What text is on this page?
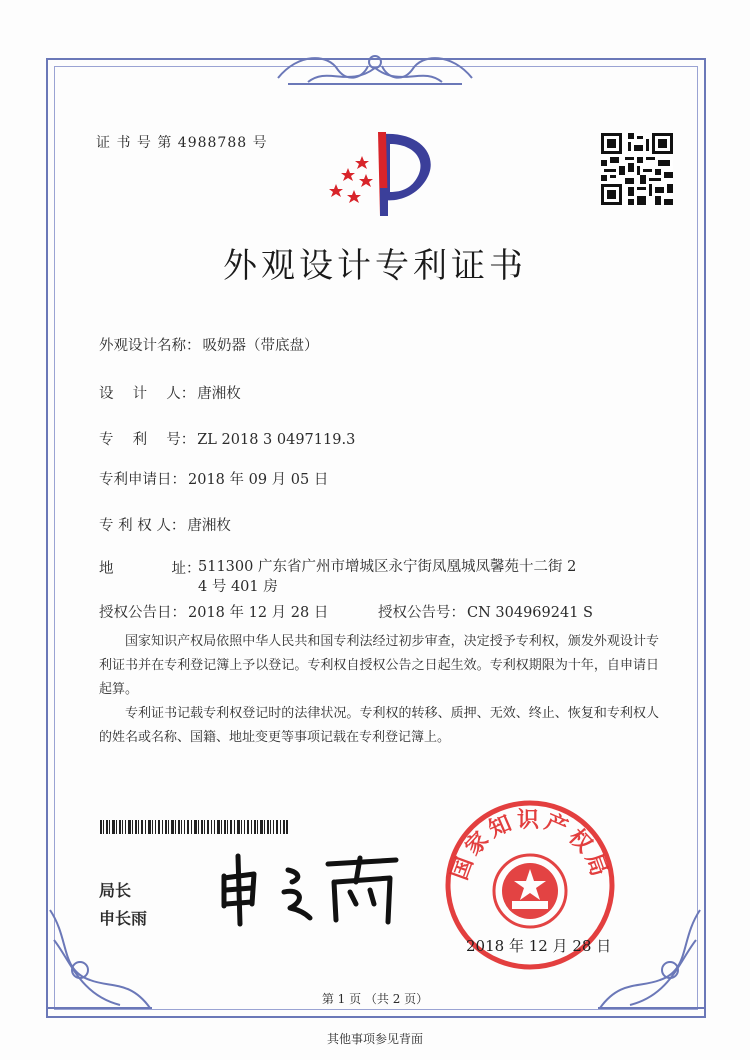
证 书 号 第 4988788 号
外观设计专利证书
外观设计名称： 吸奶器（带底盘）
设　 计　 人： 唐湘枚
专　 利　 号： ZL 2018 3 0497119.3
专利申请日： 2018 年 09 月 05 日
专 利 权 人： 唐湘枚
地　　　　址：
511300 广东省广州市增城区永宁街凤凰城凤馨苑十二街 2 4 号 401 房
授权公告日： 2018 年 12 月 28 日	授权公告号： CN 304969241 S
国家知识产权局依照中华人民共和国专利法经过初步审查，决定授予专利权，颁发外观设计专利证书并在专利登记簿上予以登记。专利权自授权公告之日起生效。专利权期限为十年，自申请日起算。
专利证书记载专利权登记时的法律状况。专利权的转移、质押、无效、终止、恢复和专利权人的姓名或名称、国籍、地址变更等事项记载在专利登记簿上。
局长
申长雨
国家知识产权局
2018 年 12 月 28 日
第 1 页 （共 2 页）
其他事项参见背面
